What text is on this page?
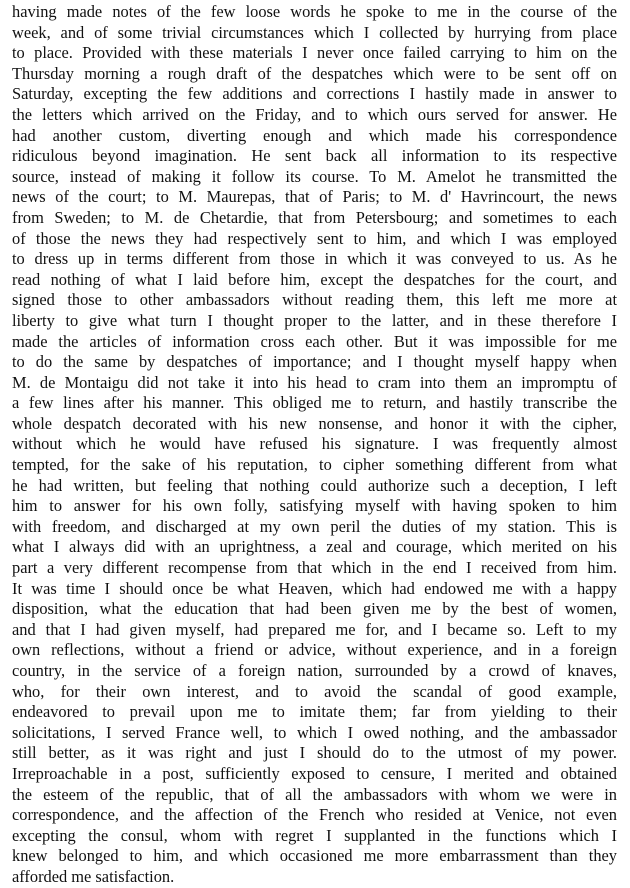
having made notes of the few loose words he spoke to me in the course of the
week, and of some trivial circumstances which I collected by hurrying from place
to place. Provided with these materials I never once failed carrying to him on the
Thursday morning a rough draft of the despatches which were to be sent off on
Saturday, excepting the few additions and corrections I hastily made in answer to
the letters which arrived on the Friday, and to which ours served for answer. He
had another custom, diverting enough and which made his correspondence
ridiculous beyond imagination. He sent back all information to its respective
source, instead of making it follow its course. To M. Amelot he transmitted the
news of the court; to M. Maurepas, that of Paris; to M. d' Havrincourt, the news
from Sweden; to M. de Chetardie, that from Petersbourg; and sometimes to each
of those the news they had respectively sent to him, and which I was employed
to dress up in terms different from those in which it was conveyed to us. As he
read nothing of what I laid before him, except the despatches for the court, and
signed those to other ambassadors without reading them, this left me more at
liberty to give what turn I thought proper to the latter, and in these therefore I
made the articles of information cross each other. But it was impossible for me
to do the same by despatches of importance; and I thought myself happy when
M. de Montaigu did not take it into his head to cram into them an impromptu of
a few lines after his manner. This obliged me to return, and hastily transcribe the
whole despatch decorated with his new nonsense, and honor it with the cipher,
without which he would have refused his signature. I was frequently almost
tempted, for the sake of his reputation, to cipher something different from what
he had written, but feeling that nothing could authorize such a deception, I left
him to answer for his own folly, satisfying myself with having spoken to him
with freedom, and discharged at my own peril the duties of my station. This is
what I always did with an uprightness, a zeal and courage, which merited on his
part a very different recompense from that which in the end I received from him.
It was time I should once be what Heaven, which had endowed me with a happy
disposition, what the education that had been given me by the best of women,
and that I had given myself, had prepared me for, and I became so. Left to my
own reflections, without a friend or advice, without experience, and in a foreign
country, in the service of a foreign nation, surrounded by a crowd of knaves,
who, for their own interest, and to avoid the scandal of good example,
endeavored to prevail upon me to imitate them; far from yielding to their
solicitations, I served France well, to which I owed nothing, and the ambassador
still better, as it was right and just I should do to the utmost of my power.
Irreproachable in a post, sufficiently exposed to censure, I merited and obtained
the esteem of the republic, that of all the ambassadors with whom we were in
correspondence, and the affection of the French who resided at Venice, not even
excepting the consul, whom with regret I supplanted in the functions which I
knew belonged to him, and which occasioned me more embarrassment than they
afforded me satisfaction.
